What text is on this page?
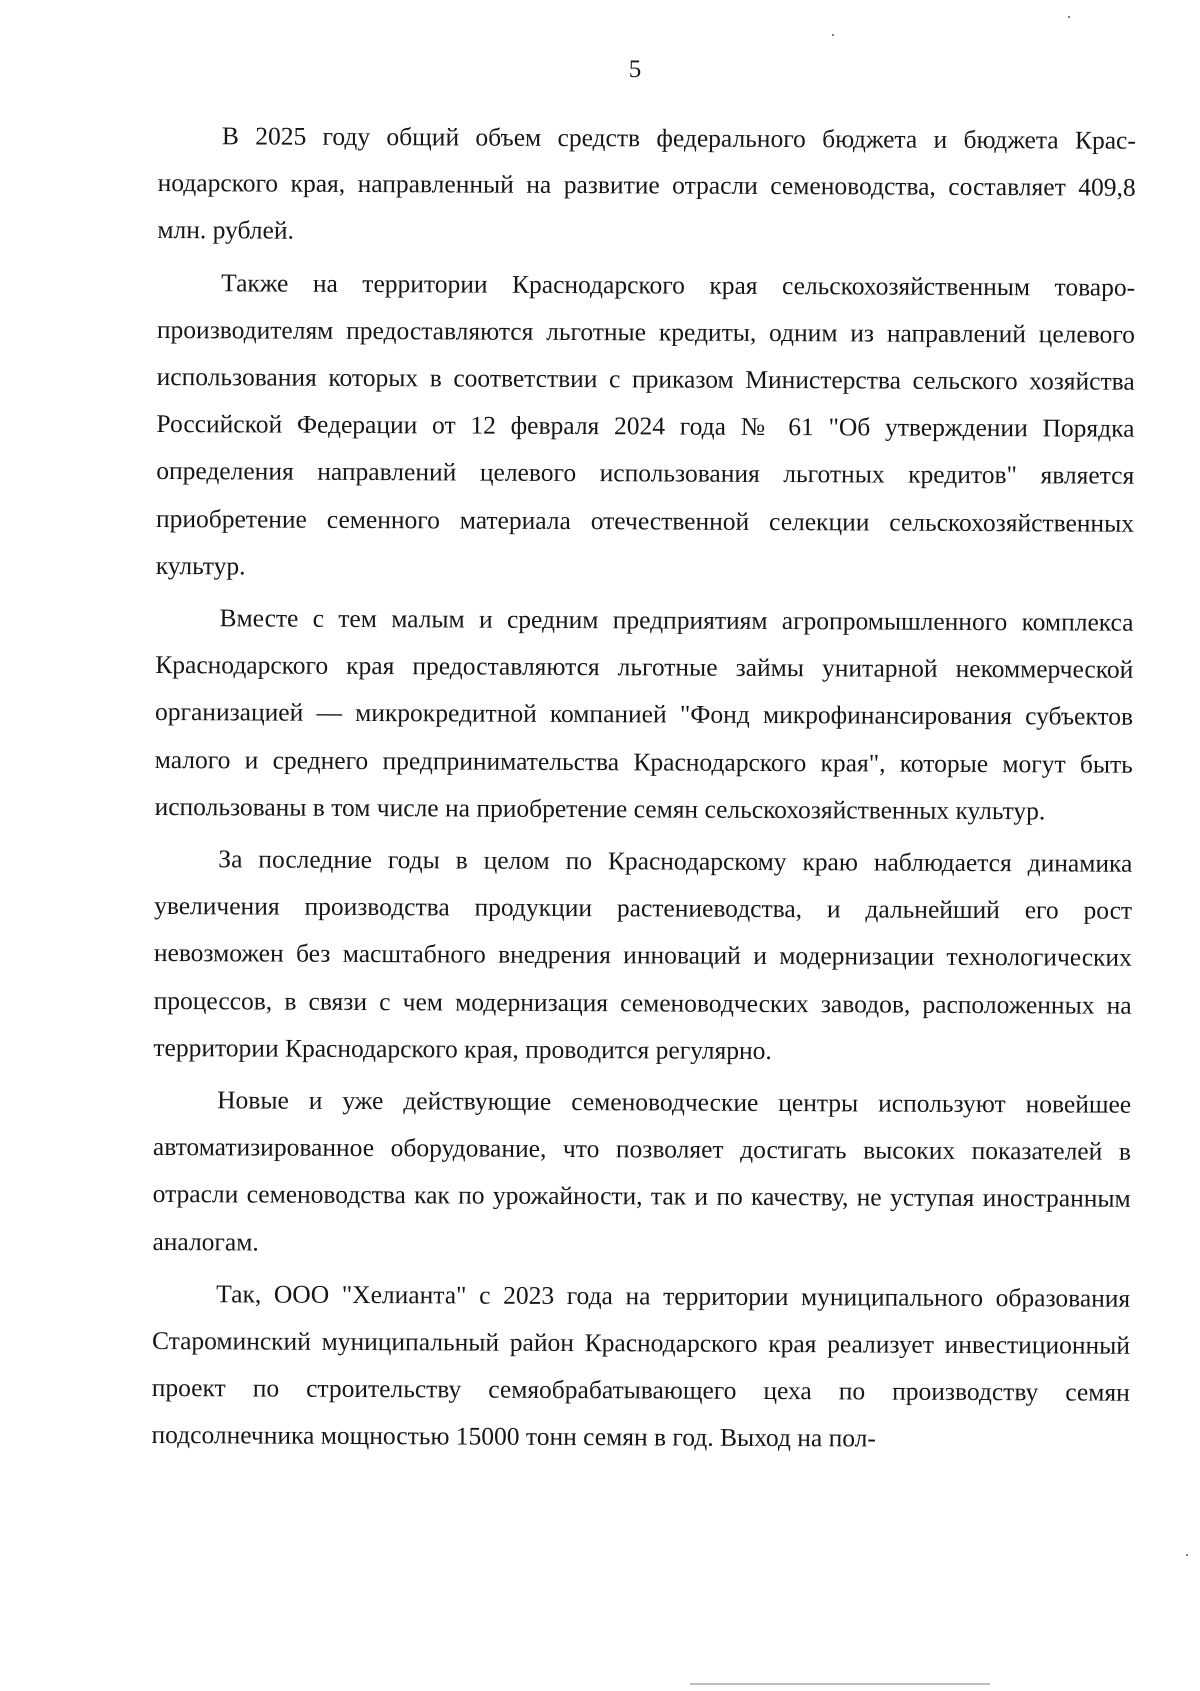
5

В 2025 году общий объем средств федерального бюджета и бюджета Краснодарского края, направленный на развитие отрасли семеноводства, составляет 409,8 млн. рублей.

Также на территории Краснодарского края сельскохозяйственным товаропроизводителям предоставляются льготные кредиты, одним из направлений целевого использования которых в соответствии с приказом Министерства сельского хозяйства Российской Федерации от 12 февраля 2024 года № 61 "Об утверждении Порядка определения направлений целевого использования льготных кредитов" является приобретение семенного материала отечественной селекции сельскохозяйственных культур.

Вместе с тем малым и средним предприятиям агропромышленного комплекса Краснодарского края предоставляются льготные займы унитарной некоммерческой организацией — микрокредитной компанией "Фонд микрофинансирования субъектов малого и среднего предпринимательства Краснодарского края", которые могут быть использованы в том числе на приобретение семян сельскохозяйственных культур.

За последние годы в целом по Краснодарскому краю наблюдается динамика увеличения производства продукции растениеводства, и дальнейший его рост невозможен без масштабного внедрения инноваций и модернизации технологических процессов, в связи с чем модернизация семеноводческих заводов, расположенных на территории Краснодарского края, проводится регулярно.

Новые и уже действующие семеноводческие центры используют новейшее автоматизированное оборудование, что позволяет достигать высоких показателей в отрасли семеноводства как по урожайности, так и по качеству, не уступая иностранным аналогам.

Так, ООО "Хелианта" с 2023 года на территории муниципального образования Староминский муниципальный район Краснодарского края реализует инвестиционный проект по строительству семяобрабатывающего цеха по производству семян подсолнечника мощностью 15000 тонн семян в год. Выход на пол-
